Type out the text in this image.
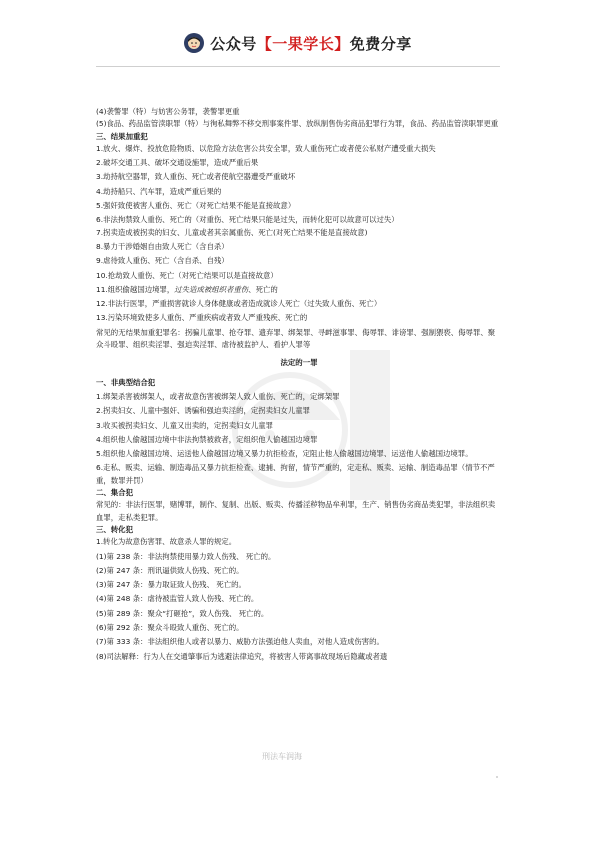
公众号【一果学长】免费分享

(4)袭警罪（特）与妨害公务罪，袭警罪更重

(5)食品、药品监管渎职罪（特）与徇私舞弊不移交刑事案件罪、放纵制售伪劣商品犯罪行为罪，食品、药品监管渎职罪更重

三、结果加重犯

1.放火、爆炸、投放危险物质、以危险方法危害公共安全罪，致人重伤死亡或者使公私财产遭受重大损失

2.破坏交通工具、破坏交通设施罪，造成严重后果

3.劫持航空器罪，致人重伤、死亡或者使航空器遭受严重破坏

4.劫持船只、汽车罪，造成严重后果的

5.强奸致使被害人重伤、死亡（对死亡结果不能是直接故意）

6.非法拘禁致人重伤、死亡的（对重伤、死亡结果只能是过失，而转化犯可以故意可以过失）

7.拐卖造成被拐卖的妇女、儿童或者其亲属重伤、死亡(对死亡结果不能是直接故意)

8.暴力干涉婚姻自由致人死亡（含自杀）

9.虐待致人重伤、死亡（含自杀、自残）

10.抢劫致人重伤、死亡（对死亡结果可以是直接故意）

11.组织偷越国边境罪，过失造成被组织者重伤、死亡的

12.非法行医罪，严重损害就诊人身体健康或者造成就诊人死亡（过失致人重伤、死亡）

13.污染环境致使多人重伤、严重疾病或者致人严重残疾、死亡的

常见的无结果加重犯罪名：拐骗儿童罪、抢夺罪、遗弃罪、绑架罪、寻衅滋事罪、侮辱罪、诽谤罪、强制猥亵、侮辱罪、聚众斗殴罪、组织卖淫罪、强迫卖淫罪、虐待被监护人、看护人罪等

法定的一罪

一、非典型结合犯

1.绑架杀害被绑架人，或者故意伤害被绑架人致人重伤、死亡的，定绑架罪

2.拐卖妇女、儿童中强奸、诱骗和强迫卖淫的，定拐卖妇女儿童罪

3.收买被拐卖妇女、儿童又出卖的，定拐卖妇女儿童罪

4.组织他人偷越国边境中非法拘禁被救者，定组织他人偷越国边境罪

5.组织他人偷越国边境、运送他人偷越国边境又暴力抗拒检查，定阻止他人偷越国边境罪、运送他人偷越国边境罪。

6.走私、贩卖、运输、制造毒品又暴力抗拒检查、逮捕、拘留，情节严重的，定走私、贩卖、运输、制造毒品罪（情节不严重，数罪并罚）

二、集合犯

常见的：非法行医罪，赌博罪，制作、复制、出版、贩卖、传播淫秽物品牟利罪，生产、销售伪劣商品类犯罪，非法组织卖血罪，走私类犯罪。

三、转化犯

1.转化为故意伤害罪、故意杀人罪的规定。

(1)第 238 条：非法拘禁使用暴力致人伤残、 死亡的。

(2)第 247 条：刑讯逼供致人伤残、死亡的。

(3)第 247 条：暴力取证致人伤残、 死亡的。

(4)第 248 条：虐待被监管人致人伤残、死亡的。

(5)第 289 条：聚众“打砸抢”，致人伤残、 死亡的。

(6)第 292 条：聚众斗殴致人重伤、死亡的。

(7)第 333 条：非法组织他人或者以暴力、威胁方法强迫他人卖血，对他人造成伤害的。

(8)司法解释：行为人在交通肇事后为逃避法律追究，将被害人带离事故现场后隐藏或者遗

刑法车润海
